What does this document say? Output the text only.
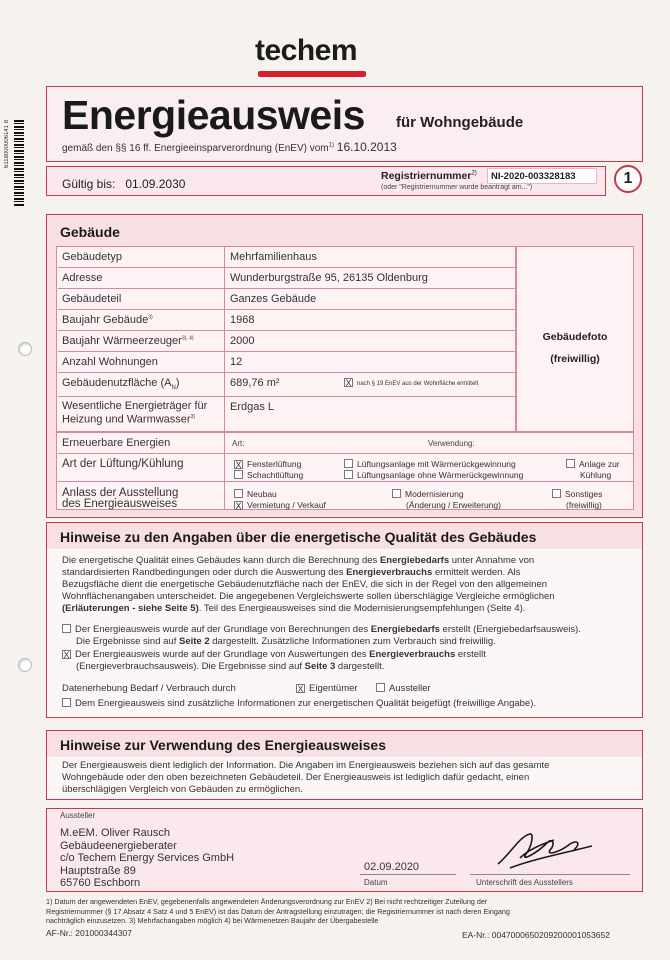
techem
6118000006141 8
Energieausweis für Wohngebäude
gemäß den §§ 16 ff. Energieeinsparverordnung (EnEV) vom$^{1)}$ 16.10.2013
Gültig bis: 01.09.2030
Registriernummer$^{2)}$	NI-2020-003328183
(oder "Registriernummer wurde beantragt am...")
1
Gebäude
Gebäudefoto
(freiwillig)
Gebäudetyp	Mehrfamilienhaus
Adresse	Wunderburgstraße 95, 26135 Oldenburg
Gebäudeteil	Ganzes Gebäude
Baujahr Gebäude$^{3)}$	1968
Baujahr Wärmeerzeuger$^{3), 4)}$	2000
Anzahl Wohnungen	12
Gebäudenutzfläche $(A_N)$	689,76 m²	X nach § 19 EnEV aus der Wohnfläche ermittelt
Wesentliche Energieträger für
Heizung und Warmwasser$^{3)}$
Erdgas L
Erneuerbare Energien	Art:	Verwendung:
Art der Lüftung/Kühlung	X Fensterlüftung
Schachtlüftung
Lüftungsanlage mit Wärmerückgewinnung
Lüftungsanlage ohne Wärmerückgewinnung
Anlage zur
Kühlung
Anlass der Ausstellung
des Energieausweises
Neubau
X Vermietung / Verkauf
Modernisierung
(Änderung / Erweiterung)
Sonstiges
(freiwillig)
Hinweise zu den Angaben über die energetische Qualität des Gebäudes
Die energetische Qualität eines Gebäudes kann durch die Berechnung des Energiebedarfs unter Annahme von
standardisierten Randbedingungen oder durch die Auswertung des Energieverbrauchs ermittelt werden. Als
Bezugsfläche dient die energetische Gebäudenutzfläche nach der EnEV, die sich in der Regel von den allgemeinen
Wohnflächenangaben unterscheidet. Die angegebenen Vergleichswerte sollen überschlägige Vergleiche ermöglichen
(Erläuterungen - siehe Seite 5). Teil des Energieausweises sind die Modernisierungsempfehlungen (Seite 4).
Der Energieausweis wurde auf der Grundlage von Berechnungen des Energiebedarfs erstellt (Energiebedarfsausweis).
Die Ergebnisse sind auf Seite 2 dargestellt. Zusätzliche Informationen zum Verbrauch sind freiwillig.
X Der Energieausweis wurde auf der Grundlage von Auswertungen des Energieverbrauchs erstellt
(Energieverbrauchsausweis). Die Ergebnisse sind auf Seite 3 dargestellt.
Datenerhebung Bedarf / Verbrauch durch	X Eigentümer	Aussteller
Dem Energieausweis sind zusätzliche Informationen zur energetischen Qualität beigefügt (freiwillige Angabe).
Hinweise zur Verwendung des Energieausweises
Der Energieausweis dient lediglich der Information. Die Angaben im Energieausweis beziehen sich auf das gesamte
Wohngebäude oder den oben bezeichneten Gebäudeteil. Der Energieausweis ist lediglich dafür gedacht, einen
überschlägigen Vergleich von Gebäuden zu ermöglichen.
Aussteller
M.eEM. Oliver Rausch
Gebäudeenergieberater
c/o Techem Energy Services GmbH
Hauptstraße 89
65760 Eschborn
02.09.2020
Datum	Unterschrift des Ausstellers
1) Datum der angewendeten EnEV, gegebenenfalls angewendeten Änderungsverordnung zur EnEV 2) Bei nicht rechtzeitiger Zuteilung der
Registriernummer (§ 17 Absatz 4 Satz 4 und 5 EnEV) ist das Datum der Antragstellung einzutragen; die Registriernummer ist nach deren Eingang
nachträglich einzusetzen. 3) Mehrfachangaben möglich 4) bei Wärmenetzen Baujahr der Übergabestelle
AF-Nr.: 201000344307	EA-Nr.: 004700065020920000105365​2
